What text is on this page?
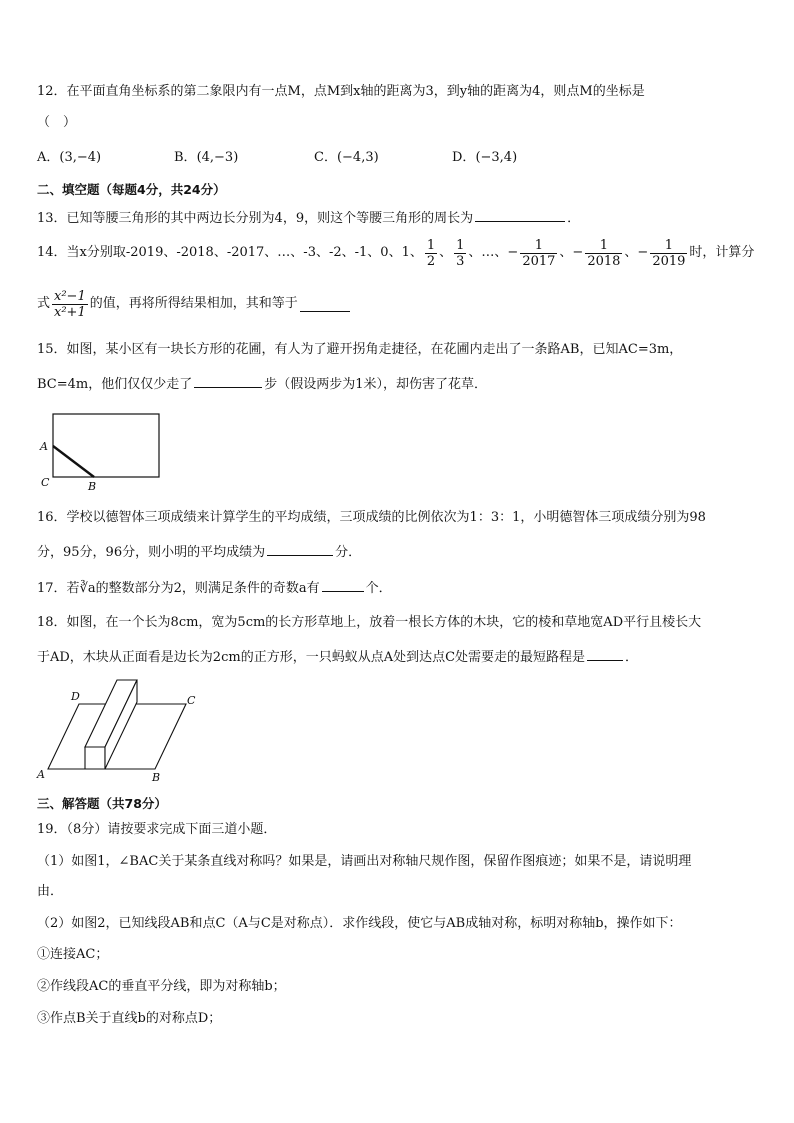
12．在平面直角坐标系的第二象限内有一点M，点M到x轴的距离为3，到y轴的距离为4，则点M的坐标是
（　）
A．(3,−4)	B．(4,−3)	C．(−4,3)	D．(−3,4)
二、填空题（每题4分，共24分）
13．已知等腰三角形的其中两边长分别为4，9，则这个等腰三角形的周长为	．
14．当x分别取-2019、-2018、-2017、…、-3、-2、-1、0、1、 $\frac{1}{2}$ 、 $\frac{1}{3}$ 、…、− $\frac{1}{2017}$ 、− $\frac{1}{2018}$ 、− $\frac{1}{2019}$ 时，计算分
式 $\frac{\text{x²−1}}{\text{x²+1}}$ 的值，再将所得结果相加，其和等于
15．如图，某小区有一块长方形的花圃，有人为了避开拐角走捷径，在花圃内走出了一条路AB，已知AC=3m，
BC=4m，他们仅仅少走了	步（假设两步为1米），却伤害了花草．
A
C	B
16．学校以德智体三项成绩来计算学生的平均成绩，三项成绩的比例依次为1：3：1，小明德智体三项成绩分别为98
分，95分，96分，则小明的平均成绩为	分．
17．若∛a的整数部分为2，则满足条件的奇数a有	个．
18．如图，在一个长为8cm，宽为5cm的长方形草地上，放着一根长方体的木块，它的棱和草地宽AD平行且棱长大
于AD，木块从正面看是边长为2cm的正方形，一只蚂蚁从点A处到达点C处需要走的最短路程是	．
D	C
A	B
三、解答题（共78分）
19．（8分）请按要求完成下面三道小题．
（1）如图1，∠BAC关于某条直线对称吗？如果是，请画出对称轴尺规作图，保留作图痕迹；如果不是，请说明理
由．
（2）如图2，已知线段AB和点C（A与C是对称点）．求作线段，使它与AB成轴对称，标明对称轴b，操作如下：
①连接AC；
②作线段AC的垂直平分线，即为对称轴b；
③作点B关于直线b的对称点D；
